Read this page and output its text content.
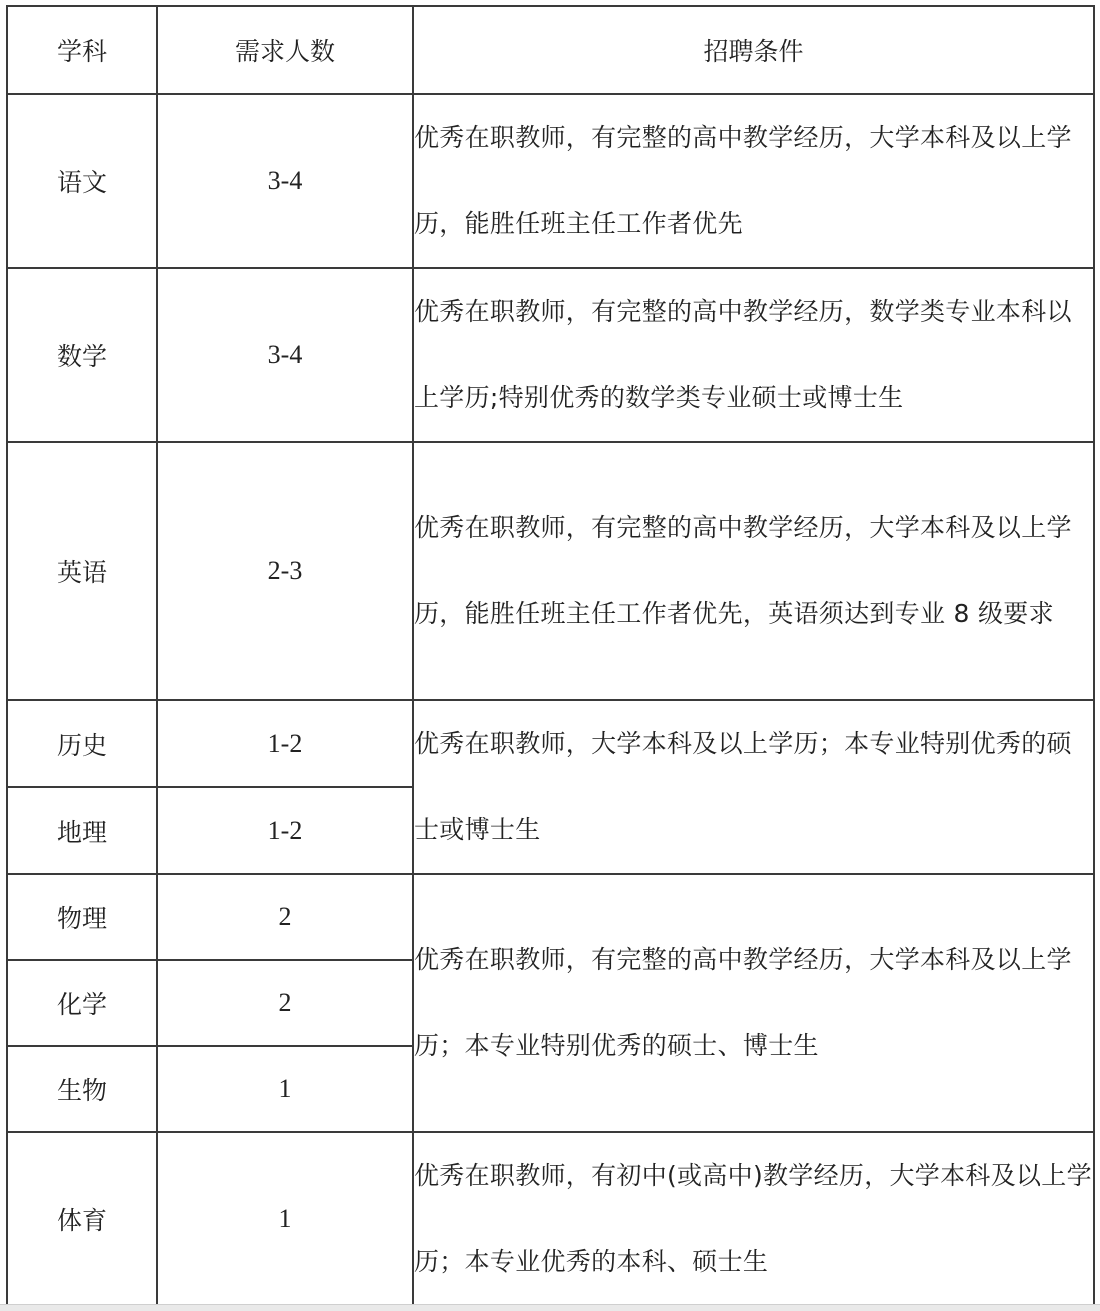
学科	需求人数	招聘条件
语文	3-4	优秀在职教师，有完整的高中教学经历，大学本科及以上学历，能胜任班主任工作者优先
数学	3-4	优秀在职教师，有完整的高中教学经历，数学类专业本科以上学历;特别优秀的数学类专业硕士或博士生
英语	2-3	优秀在职教师，有完整的高中教学经历，大学本科及以上学历，能胜任班主任工作者优先，英语须达到专业 8 级要求
历史	1-2	优秀在职教师，大学本科及以上学历；本专业特别优秀的硕士或博士生
地理	1-2	
物理	2	优秀在职教师，有完整的高中教学经历，大学本科及以上学历；本专业特别优秀的硕士、博士生
化学	2	
生物	1	
体育	1	优秀在职教师，有初中(或高中)教学经历，大学本科及以上学历；本专业优秀的本科、硕士生
